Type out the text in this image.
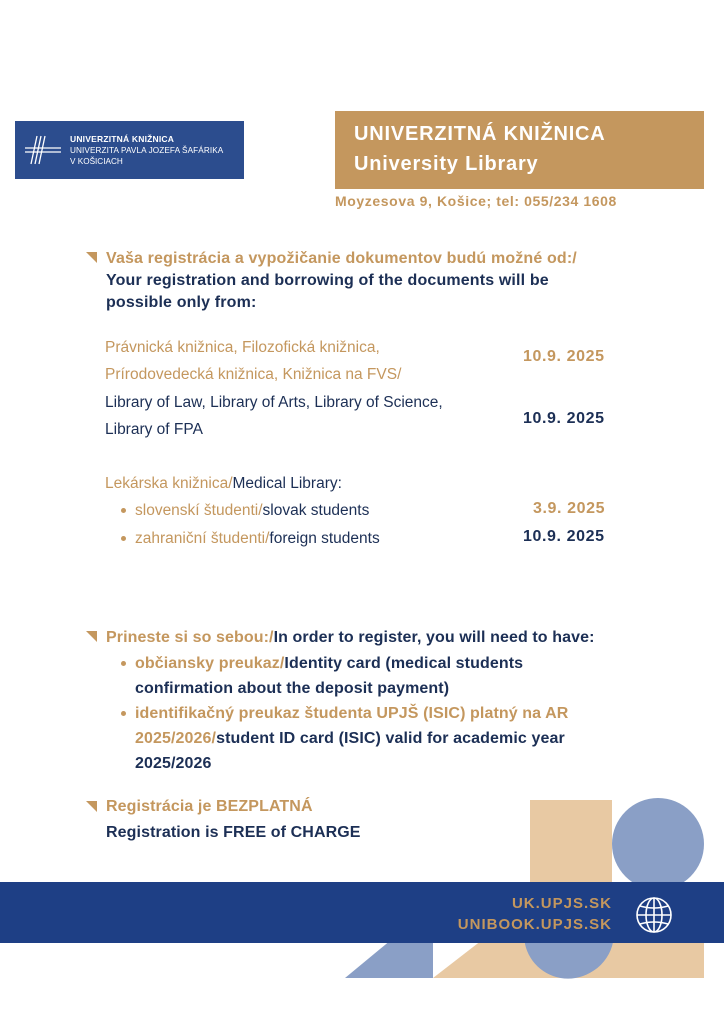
UNIVERZITNÁ KNIŽNICA
UNIVERZITA PAVLA JOZEFA ŠAFÁRIKA
V KOŠICIACH
UNIVERZITNÁ KNIŽNICA
University Library
Moyzesova 9, Košice; tel: 055/234 1608
Vaša registrácia a vypožičanie dokumentov budú možné od:/
Your registration and borrowing of the documents will be
possible only from:
Právnická knižnica, Filozofická knižnica,
Prírodovedecká knižnica, Knižnica na FVS/
10.9. 2025
Library of Law, Library of Arts, Library of Science,
Library of FPA
10.9. 2025
Lekárska knižnica/Medical Library:
slovenskí študenti/slovak students	3.9. 2025
zahraniční študenti/foreign students	10.9. 2025
Prineste si so sebou:/In order to register, you will need to have:
občiansky preukaz/Identity card (medical students
confirmation about the deposit payment)
identifikačný preukaz študenta UPJŠ (ISIC) platný na AR
2025/2026/student ID card (ISIC) valid for academic year
2025/2026
Registrácia je BEZPLATNÁ
Registration is FREE of CHARGE
UK.UPJS.SK
UNIBOOK.UPJS.SK
